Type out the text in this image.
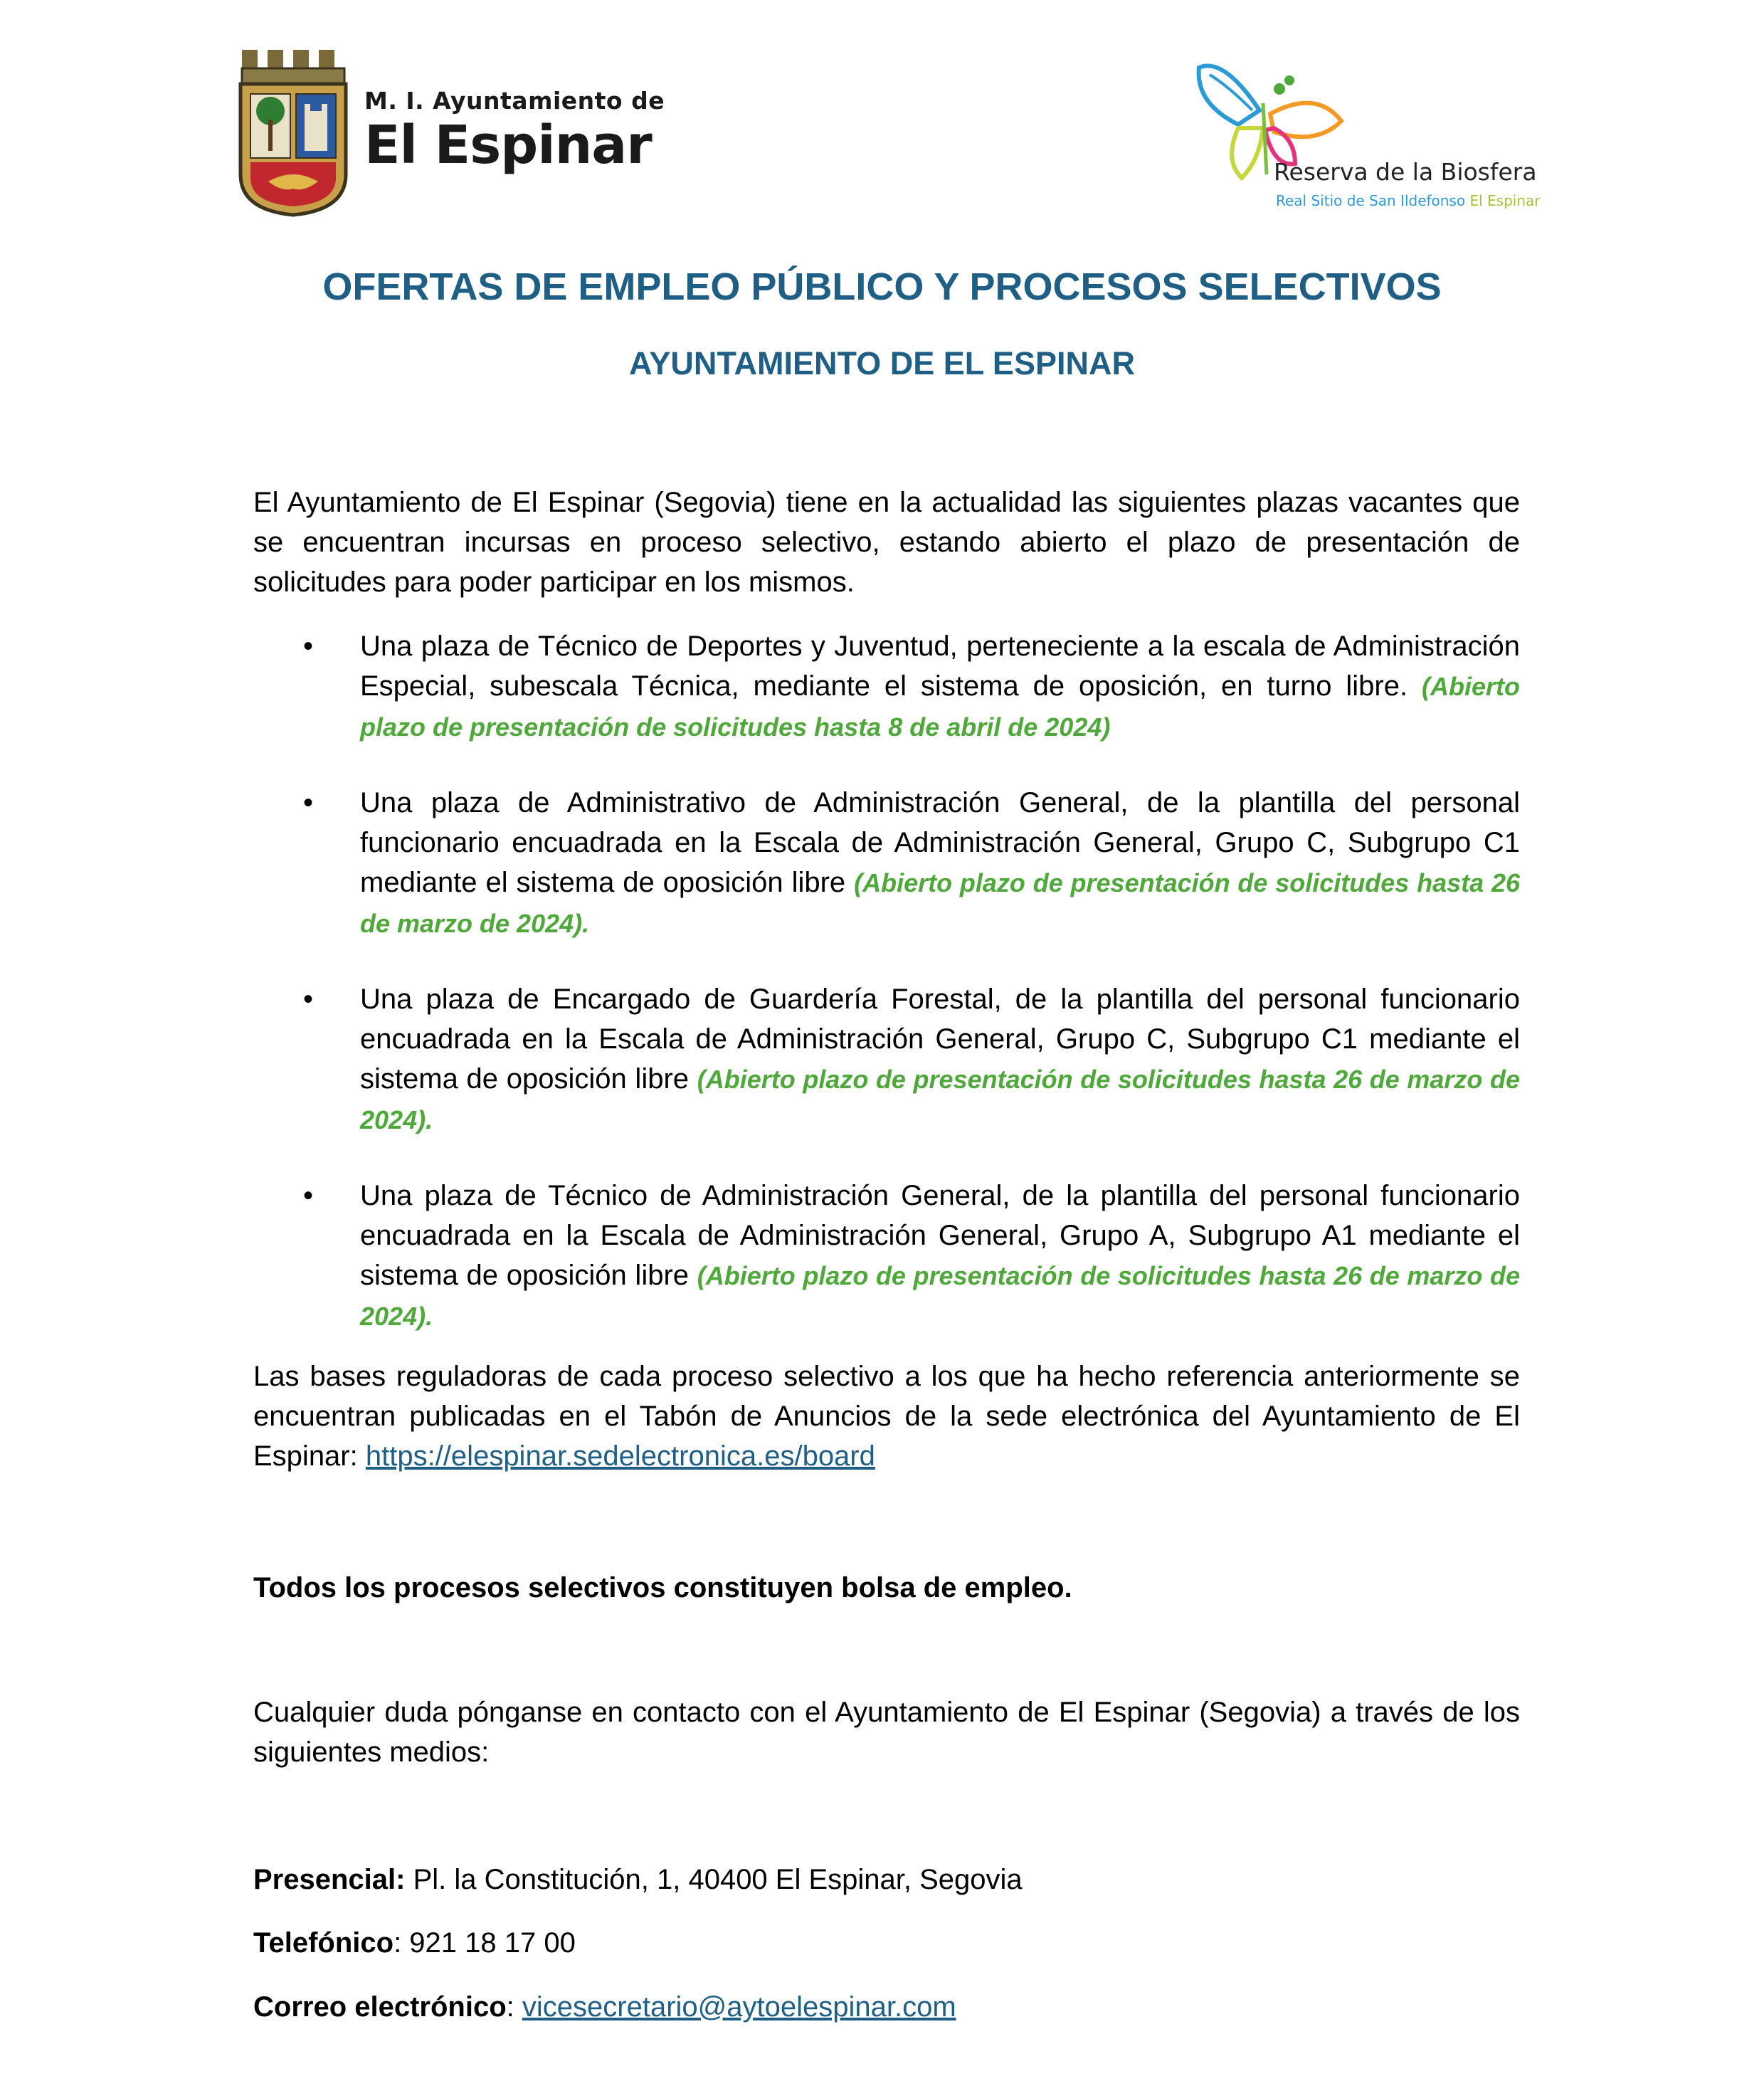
M. I. Ayuntamiento de
El Espinar	Reserva de la Biosfera
Real Sitio de San Ildefonso El Espinar
OFERTAS DE EMPLEO PÚBLICO Y PROCESOS SELECTIVOS
AYUNTAMIENTO DE EL ESPINAR

El Ayuntamiento de El Espinar (Segovia) tiene en la actualidad las siguientes plazas vacantes que se encuentran incursas en proceso selectivo, estando abierto el plazo de presentación de solicitudes para poder participar en los mismos.

• Una plaza de Técnico de Deportes y Juventud, perteneciente a la escala de Administración Especial, subescala Técnica, mediante el sistema de oposición, en turno libre. (Abierto plazo de presentación de solicitudes hasta 8 de abril de 2024)
• Una plaza de Administrativo de Administración General, de la plantilla del personal funcionario encuadrada en la Escala de Administración General, Grupo C, Subgrupo C1 mediante el sistema de oposición libre (Abierto plazo de presentación de solicitudes hasta 26 de marzo de 2024).
• Una plaza de Encargado de Guardería Forestal, de la plantilla del personal funcionario encuadrada en la Escala de Administración General, Grupo C, Subgrupo C1 mediante el sistema de oposición libre (Abierto plazo de presentación de solicitudes hasta 26 de marzo de 2024).
• Una plaza de Técnico de Administración General, de la plantilla del personal funcionario encuadrada en la Escala de Administración General, Grupo A, Subgrupo A1 mediante el sistema de oposición libre (Abierto plazo de presentación de solicitudes hasta 26 de marzo de 2024).

Las bases reguladoras de cada proceso selectivo a los que ha hecho referencia anteriormente se encuentran publicadas en el Tabón de Anuncios de la sede electrónica del Ayuntamiento de El Espinar: https://elespinar.sedelectronica.es/board

Todos los procesos selectivos constituyen bolsa de empleo.

Cualquier duda pónganse en contacto con el Ayuntamiento de El Espinar (Segovia) a través de los siguientes medios:

Presencial: Pl. la Constitución, 1, 40400 El Espinar, Segovia
Telefónico: 921 18 17 00
Correo electrónico: vicesecretario@aytoelespinar.com
